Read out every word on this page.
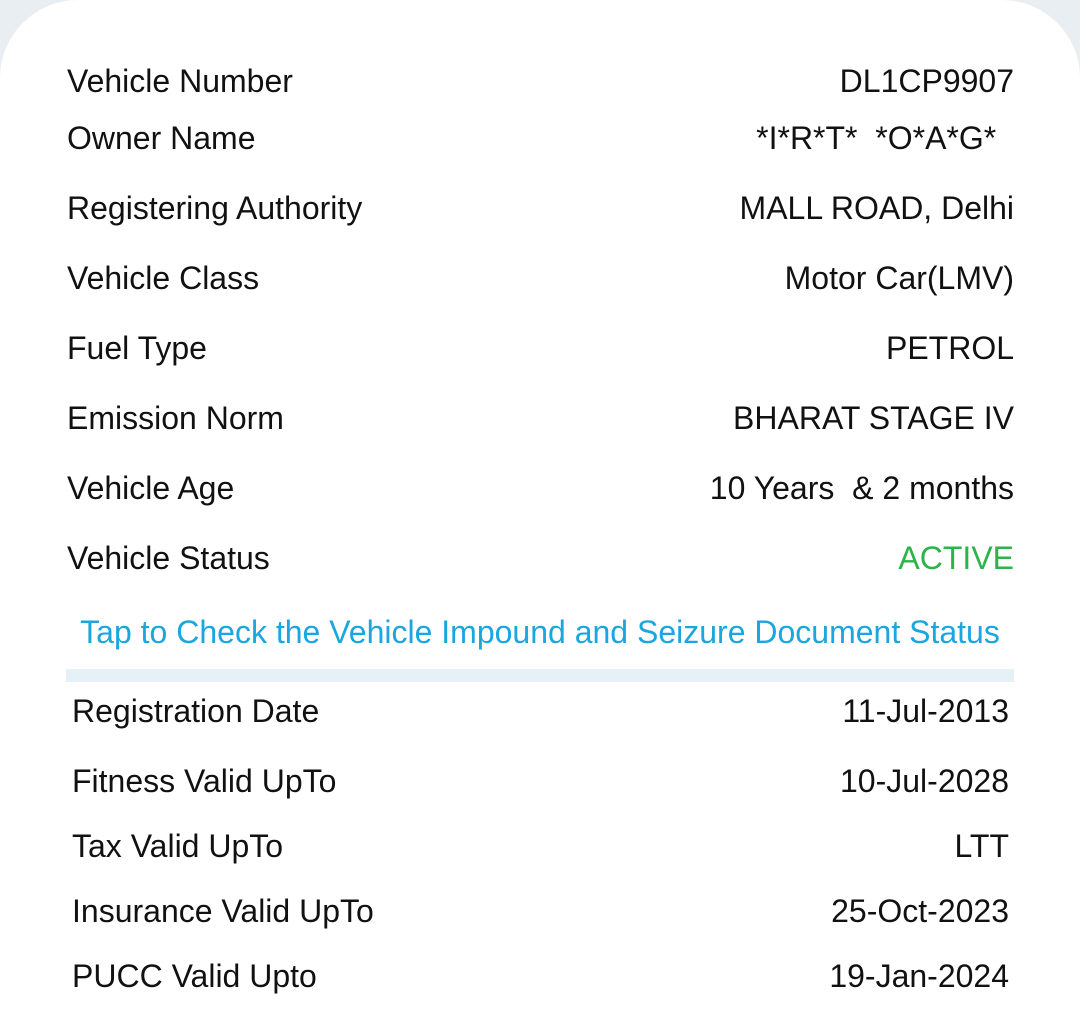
Vehicle Number	DL1CP9907
Owner Name	*I*R*T*  *O*A*G*
Registering Authority	MALL ROAD, Delhi
Vehicle Class	Motor Car(LMV)
Fuel Type	PETROL
Emission Norm	BHARAT STAGE IV
Vehicle Age	10 Years  & 2 months
Vehicle Status	ACTIVE
Tap to Check the Vehicle Impound and Seizure Document Status
Registration Date	11-Jul-2013
Fitness Valid UpTo	10-Jul-2028
Tax Valid UpTo	LTT
Insurance Valid UpTo	25-Oct-2023
PUCC Valid Upto	19-Jan-2024
